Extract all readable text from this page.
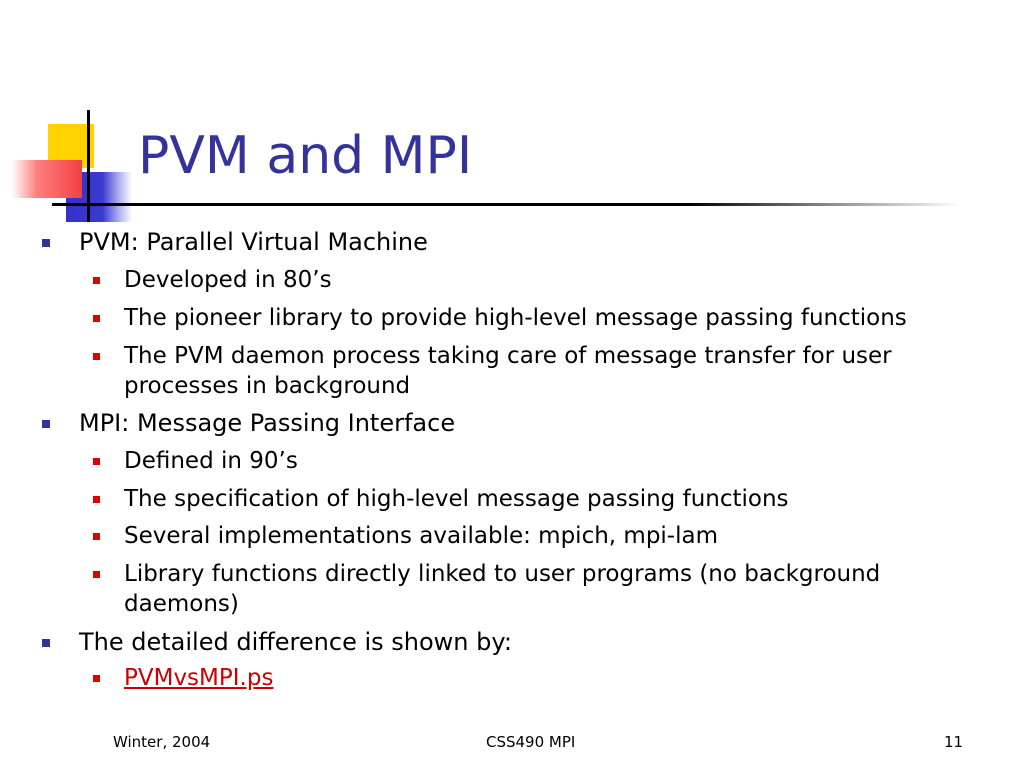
PVM and MPI
PVM: Parallel Virtual Machine
Developed in 80’s
The pioneer library to provide high-level message passing functions
The PVM daemon process taking care of message transfer for user
processes in background
MPI: Message Passing Interface
Defined in 90’s
The specification of high-level message passing functions
Several implementations available: mpich, mpi-lam
Library functions directly linked to user programs (no background
daemons)
The detailed difference is shown by:
PVMvsMPI.ps
Winter, 2004	CSS490 MPI	11
